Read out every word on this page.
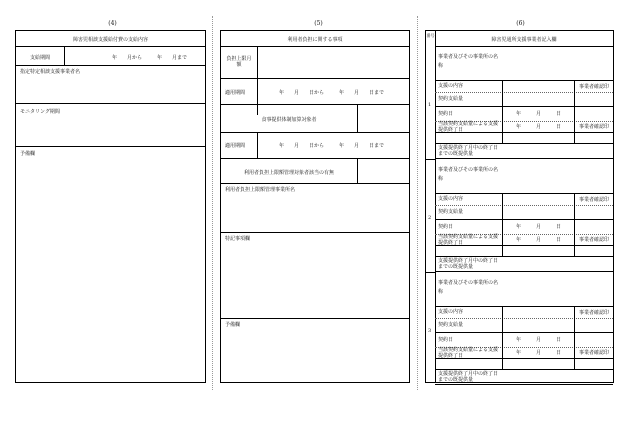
(4)	(5)	(6)
障害児相談支援給付費の支給内容
支給期間	年　　月から　　　年　　月まで
指定特定相談支援事業者名
モニタリング期間
予備欄
利用者負担に関する事項
負担上限月額
適用期間	年　　月　　日から　　　年　　月　　日まで
食事提供体制加算対象者
適用期間	年　　月　　日から　　　年　　月　　日まで
利用者負担上限額管理対象者該当の有無
利用者負担上限額管理事業所名
特記事項欄
予備欄
番号
障害児通所支援事業者記入欄
1
事業者及びその事業所の名称
支援の内容	事業者確認印
契約支給量
契約日	年　　　月　　　日
当該契約支給量による支援提供終了日	年　　　月　　　日	事業者確認印
支援提供終了月中の終了日までの既提供量
2
事業者及びその事業所の名称
支援の内容	事業者確認印
契約支給量
契約日	年　　　月　　　日
当該契約支給量による支援提供終了日	年　　　月　　　日	事業者確認印
支援提供終了月中の終了日までの既提供量
3
事業者及びその事業所の名称
支援の内容	事業者確認印
契約支給量
契約日	年　　　月　　　日
当該契約支給量による支援提供終了日	年　　　月　　　日	事業者確認印
支援提供終了月中の終了日までの既提供量
